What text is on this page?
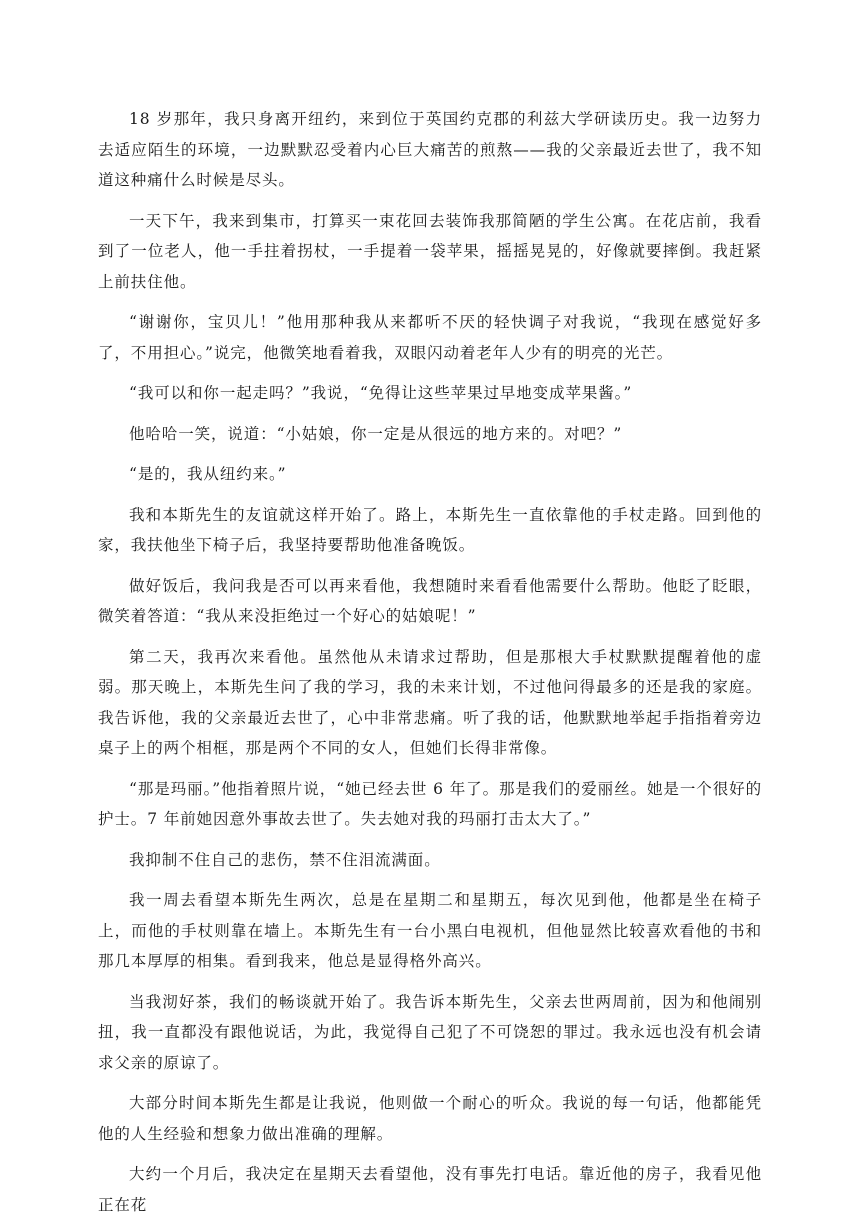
18 岁那年，我只身离开纽约，来到位于英国约克郡的利兹大学研读历史。我一边努力去适应陌生的环境，一边默默忍受着内心巨大痛苦的煎熬——我的父亲最近去世了，我不知道这种痛什么时候是尽头。

一天下午，我来到集市，打算买一束花回去装饰我那简陋的学生公寓。在花店前，我看到了一位老人，他一手拄着拐杖，一手提着一袋苹果，摇摇晃晃的，好像就要摔倒。我赶紧上前扶住他。

“谢谢你，宝贝儿！”他用那种我从来都听不厌的轻快调子对我说，“我现在感觉好多了，不用担心。”说完，他微笑地看着我，双眼闪动着老年人少有的明亮的光芒。

“我可以和你一起走吗？”我说，“免得让这些苹果过早地变成苹果酱。”

他哈哈一笑，说道：“小姑娘，你一定是从很远的地方来的。对吧？”

“是的，我从纽约来。”

我和本斯先生的友谊就这样开始了。路上，本斯先生一直依靠他的手杖走路。回到他的家，我扶他坐下椅子后，我坚持要帮助他准备晚饭。

做好饭后，我问我是否可以再来看他，我想随时来看看他需要什么帮助。他眨了眨眼，微笑着答道：“我从来没拒绝过一个好心的姑娘呢！”

第二天，我再次来看他。虽然他从未请求过帮助，但是那根大手杖默默提醒着他的虚弱。那天晚上，本斯先生问了我的学习，我的未来计划，不过他问得最多的还是我的家庭。我告诉他，我的父亲最近去世了，心中非常悲痛。听了我的话，他默默地举起手指指着旁边桌子上的两个相框，那是两个不同的女人，但她们长得非常像。

“那是玛丽。”他指着照片说，“她已经去世 6 年了。那是我们的爱丽丝。她是一个很好的护士。7 年前她因意外事故去世了。失去她对我的玛丽打击太大了。”

我抑制不住自己的悲伤，禁不住泪流满面。

我一周去看望本斯先生两次，总是在星期二和星期五，每次见到他，他都是坐在椅子上，而他的手杖则靠在墙上。本斯先生有一台小黑白电视机，但他显然比较喜欢看他的书和那几本厚厚的相集。看到我来，他总是显得格外高兴。

当我沏好茶，我们的畅谈就开始了。我告诉本斯先生，父亲去世两周前，因为和他闹别扭，我一直都没有跟他说话，为此，我觉得自己犯了不可饶恕的罪过。我永远也没有机会请求父亲的原谅了。

大部分时间本斯先生都是让我说，他则做一个耐心的听众。我说的每一句话，他都能凭他的人生经验和想象力做出准确的理解。

大约一个月后，我决定在星期天去看望他，没有事先打电话。靠近他的房子，我看见他正在花
